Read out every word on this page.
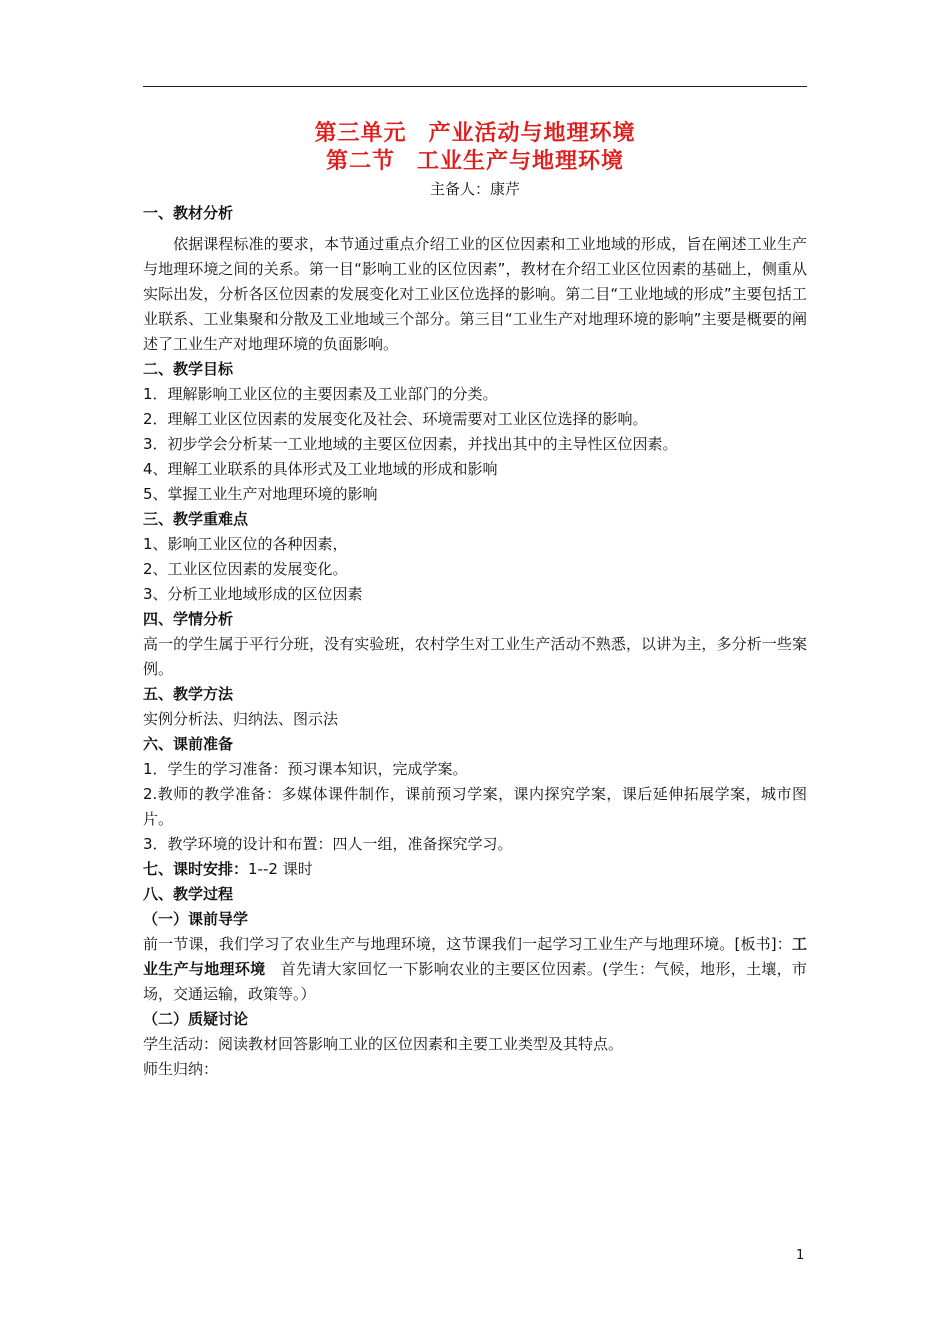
第三单元 产业活动与地理环境
第二节 工业生产与地理环境
主备人：康芹

一、教材分析

依据课程标准的要求，本节通过重点介绍工业的区位因素和工业地域的形成，旨在阐述工业生产与地理环境之间的关系。第一目“影响工业的区位因素”，教材在介绍工业区位因素的基础上，侧重从实际出发，分析各区位因素的发展变化对工业区位选择的影响。第二目“工业地域的形成”主要包括工业联系、工业集聚和分散及工业地域三个部分。第三目“工业生产对地理环境的影响”主要是概要的阐述了工业生产对地理环境的负面影响。

二、教学目标

1．理解影响工业区位的主要因素及工业部门的分类。

2．理解工业区位因素的发展变化及社会、环境需要对工业区位选择的影响。

3．初步学会分析某一工业地域的主要区位因素，并找出其中的主导性区位因素。

4、理解工业联系的具体形式及工业地域的形成和影响

5、掌握工业生产对地理环境的影响

三、教学重难点

1、影响工业区位的各种因素，

2、工业区位因素的发展变化。

3、分析工业地域形成的区位因素

四、学情分析

高一的学生属于平行分班，没有实验班，农村学生对工业生产活动不熟悉，以讲为主，多分析一些案例。

五、教学方法

实例分析法、归纳法、图示法

六、课前准备

1．学生的学习准备：预习课本知识，完成学案。

2.教师的教学准备：多媒体课件制作，课前预习学案，课内探究学案，课后延伸拓展学案，城市图片。

3．教学环境的设计和布置：四人一组，准备探究学习。

七、课时安排：1--2 课时

八、教学过程

（一）课前导学

前一节课，我们学习了农业生产与地理环境，这节课我们一起学习工业生产与地理环境。[板书]：工业生产与地理环境　首先请大家回忆一下影响农业的主要区位因素。(学生：气候，地形，土壤，市场，交通运输，政策等。）

（二）质疑讨论

学生活动：阅读教材回答影响工业的区位因素和主要工业类型及其特点。

师生归纳：

1
